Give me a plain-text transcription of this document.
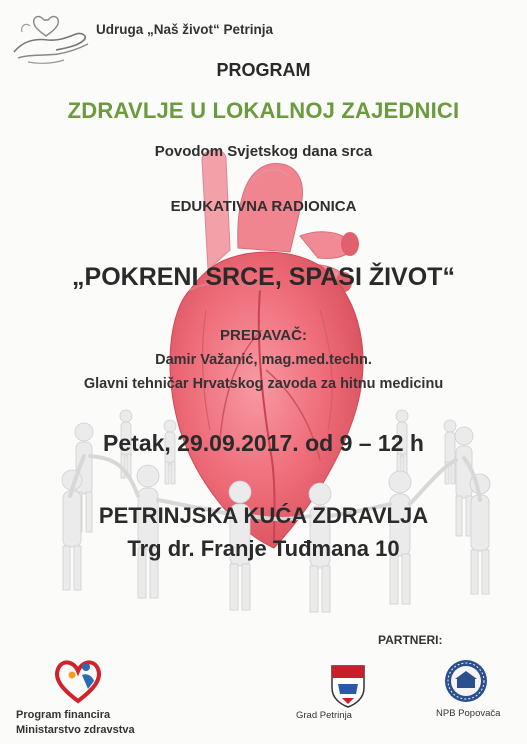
Udruga „Naš život“ Petrinja
PROGRAM
ZDRAVLJE U LOKALNOJ ZAJEDNICI
Povodom Svjetskog dana srca
EDUKATIVNA RADIONICA
„POKRENI SRCE, SPASI ŽIVOT“
PREDAVAČ:
Damir Važanić, mag.med.techn.
Glavni tehničar Hrvatskog zavoda za hitnu medicinu
Petak, 29.09.2017. od 9 – 12 h
PETRINJSKA KUĆA ZDRAVLJA
Trg dr. Franje Tuđmana 10
PARTNERI:
Program financira
Ministarstvo zdravstva
Grad Petrinja	NPB Popovača
